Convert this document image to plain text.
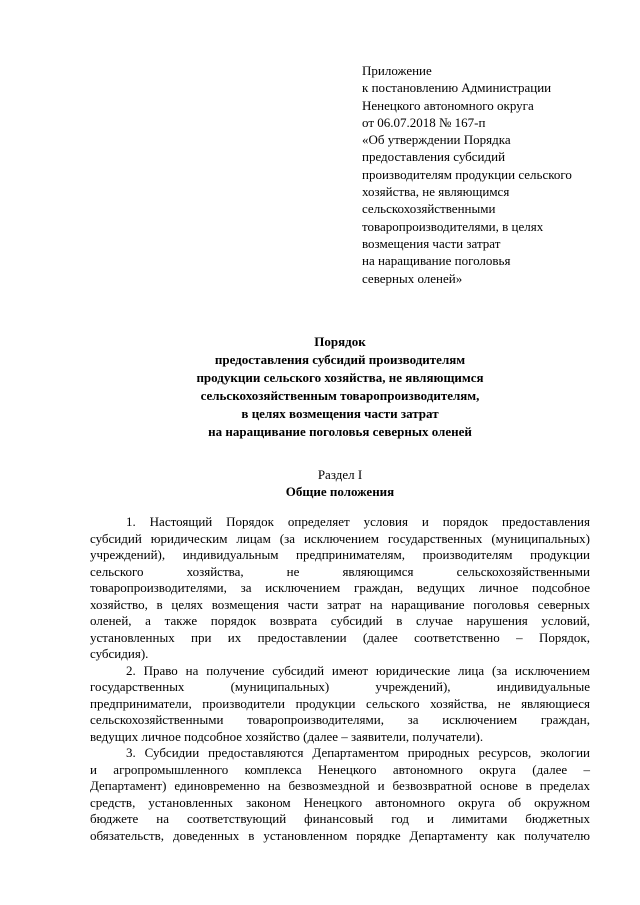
Приложение
к постановлению Администрации
Ненецкого автономного округа
от 06.07.2018 № 167-п
«Об утверждении Порядка
предоставления субсидий
производителям продукции сельского
хозяйства, не являющимся
сельскохозяйственными
товаропроизводителями, в целях
возмещения части затрат
на наращивание поголовья
северных оленей»
Порядок
предоставления субсидий производителям
продукции сельского хозяйства, не являющимся
сельскохозяйственным товаропроизводителям,
в целях возмещения части затрат
на наращивание поголовья северных оленей
Раздел I
Общие положения
1. Настоящий Порядок определяет условия и порядок предоставления
субсидий юридическим лицам (за исключением государственных (муниципальных)
учреждений), индивидуальным предпринимателям, производителям продукции
сельского хозяйства, не являющимся сельскохозяйственными
товаропроизводителями, за исключением граждан, ведущих личное подсобное
хозяйство, в целях возмещения части затрат на наращивание поголовья северных
оленей, а также порядок возврата субсидий в случае нарушения условий,
установленных при их предоставлении (далее соответственно – Порядок,
субсидия).
2. Право на получение субсидий имеют юридические лица (за исключением
государственных (муниципальных) учреждений), индивидуальные
предприниматели, производители продукции сельского хозяйства, не являющиеся
сельскохозяйственными товаропроизводителями, за исключением граждан,
ведущих личное подсобное хозяйство (далее – заявители, получатели).
3. Субсидии предоставляются Департаментом природных ресурсов, экологии
и агропромышленного комплекса Ненецкого автономного округа (далее –
Департамент) единовременно на безвозмездной и безвозвратной основе в пределах
средств, установленных законом Ненецкого автономного округа об окружном
бюджете на соответствующий финансовый год и лимитами бюджетных
обязательств, доведенных в установленном порядке Департаменту как получателю
